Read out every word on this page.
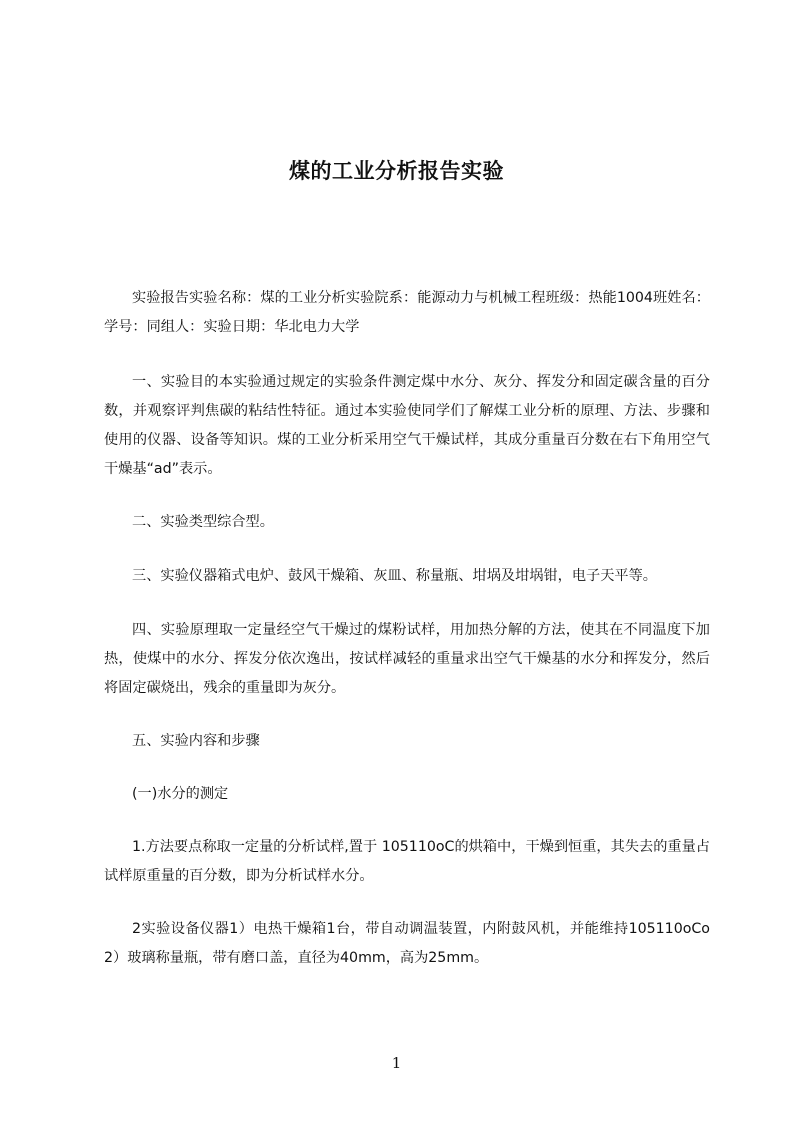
煤的工业分析报告实验

实验报告实验名称：煤的工业分析实验院系：能源动力与机械工程班级：热能1004班姓名：学号：同组人：实验日期：华北电力大学

一、实验目的本实验通过规定的实验条件测定煤中水分、灰分、挥发分和固定碳含量的百分数，并观察评判焦碳的粘结性特征。通过本实验使同学们了解煤工业分析的原理、方法、步骤和使用的仪器、设备等知识。煤的工业分析采用空气干燥试样，其成分重量百分数在右下角用空气干燥基“ad”表示。

二、实验类型综合型。

三、实验仪器箱式电炉、鼓风干燥箱、灰皿、称量瓶、坩埚及坩埚钳，电子天平等。

四、实验原理取一定量经空气干燥过的煤粉试样，用加热分解的方法，使其在不同温度下加热，使煤中的水分、挥发分依次逸出，按试样减轻的重量求出空气干燥基的水分和挥发分，然后将固定碳烧出，残余的重量即为灰分。

五、实验内容和步骤

(一)水分的测定

1.方法要点称取一定量的分析试样,置于 105110oC的烘箱中，干燥到恒重，其失去的重量占试样原重量的百分数，即为分析试样水分。

2实验设备仪器1）电热干燥箱1台，带自动调温装置，内附鼓风机，并能维持105110oCo2）玻璃称量瓶，带有磨口盖，直径为40mm，高为25mm。

1
